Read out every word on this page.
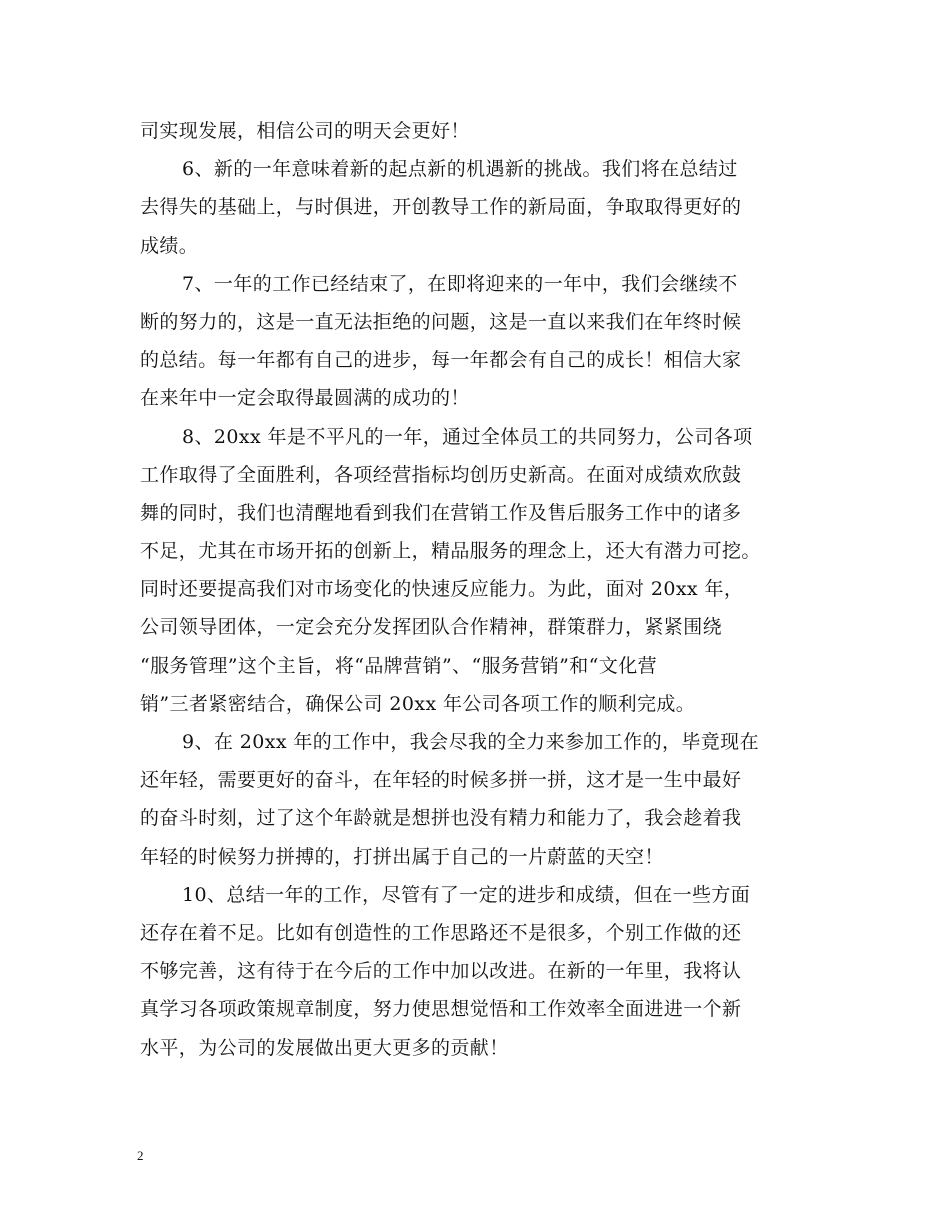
司实现发展，相信公司的明天会更好！
6、新的一年意味着新的起点新的机遇新的挑战。我们将在总结过
去得失的基础上，与时俱进，开创教导工作的新局面，争取取得更好的
成绩。
7、一年的工作已经结束了，在即将迎来的一年中，我们会继续不
断的努力的，这是一直无法拒绝的问题，这是一直以来我们在年终时候
的总结。每一年都有自己的进步，每一年都会有自己的成长！相信大家
在来年中一定会取得最圆满的成功的！
8、20xx 年是不平凡的一年，通过全体员工的共同努力，公司各项
工作取得了全面胜利，各项经营指标均创历史新高。在面对成绩欢欣鼓
舞的同时，我们也清醒地看到我们在营销工作及售后服务工作中的诸多
不足，尤其在市场开拓的创新上，精品服务的理念上，还大有潜力可挖。
同时还要提高我们对市场变化的快速反应能力。为此，面对 20xx 年，
公司领导团体，一定会充分发挥团队合作精神，群策群力，紧紧围绕
“服务管理”这个主旨，将“品牌营销”、“服务营销”和“文化营
销”三者紧密结合，确保公司 20xx 年公司各项工作的顺利完成。
9、在 20xx 年的工作中，我会尽我的全力来参加工作的，毕竟现在
还年轻，需要更好的奋斗，在年轻的时候多拼一拼，这才是一生中最好
的奋斗时刻，过了这个年龄就是想拼也没有精力和能力了，我会趁着我
年轻的时候努力拼搏的，打拼出属于自己的一片蔚蓝的天空！
10、总结一年的工作，尽管有了一定的进步和成绩，但在一些方面
还存在着不足。比如有创造性的工作思路还不是很多，个别工作做的还
不够完善，这有待于在今后的工作中加以改进。在新的一年里，我将认
真学习各项政策规章制度，努力使思想觉悟和工作效率全面进进一个新
水平，为公司的发展做出更大更多的贡献！
2
